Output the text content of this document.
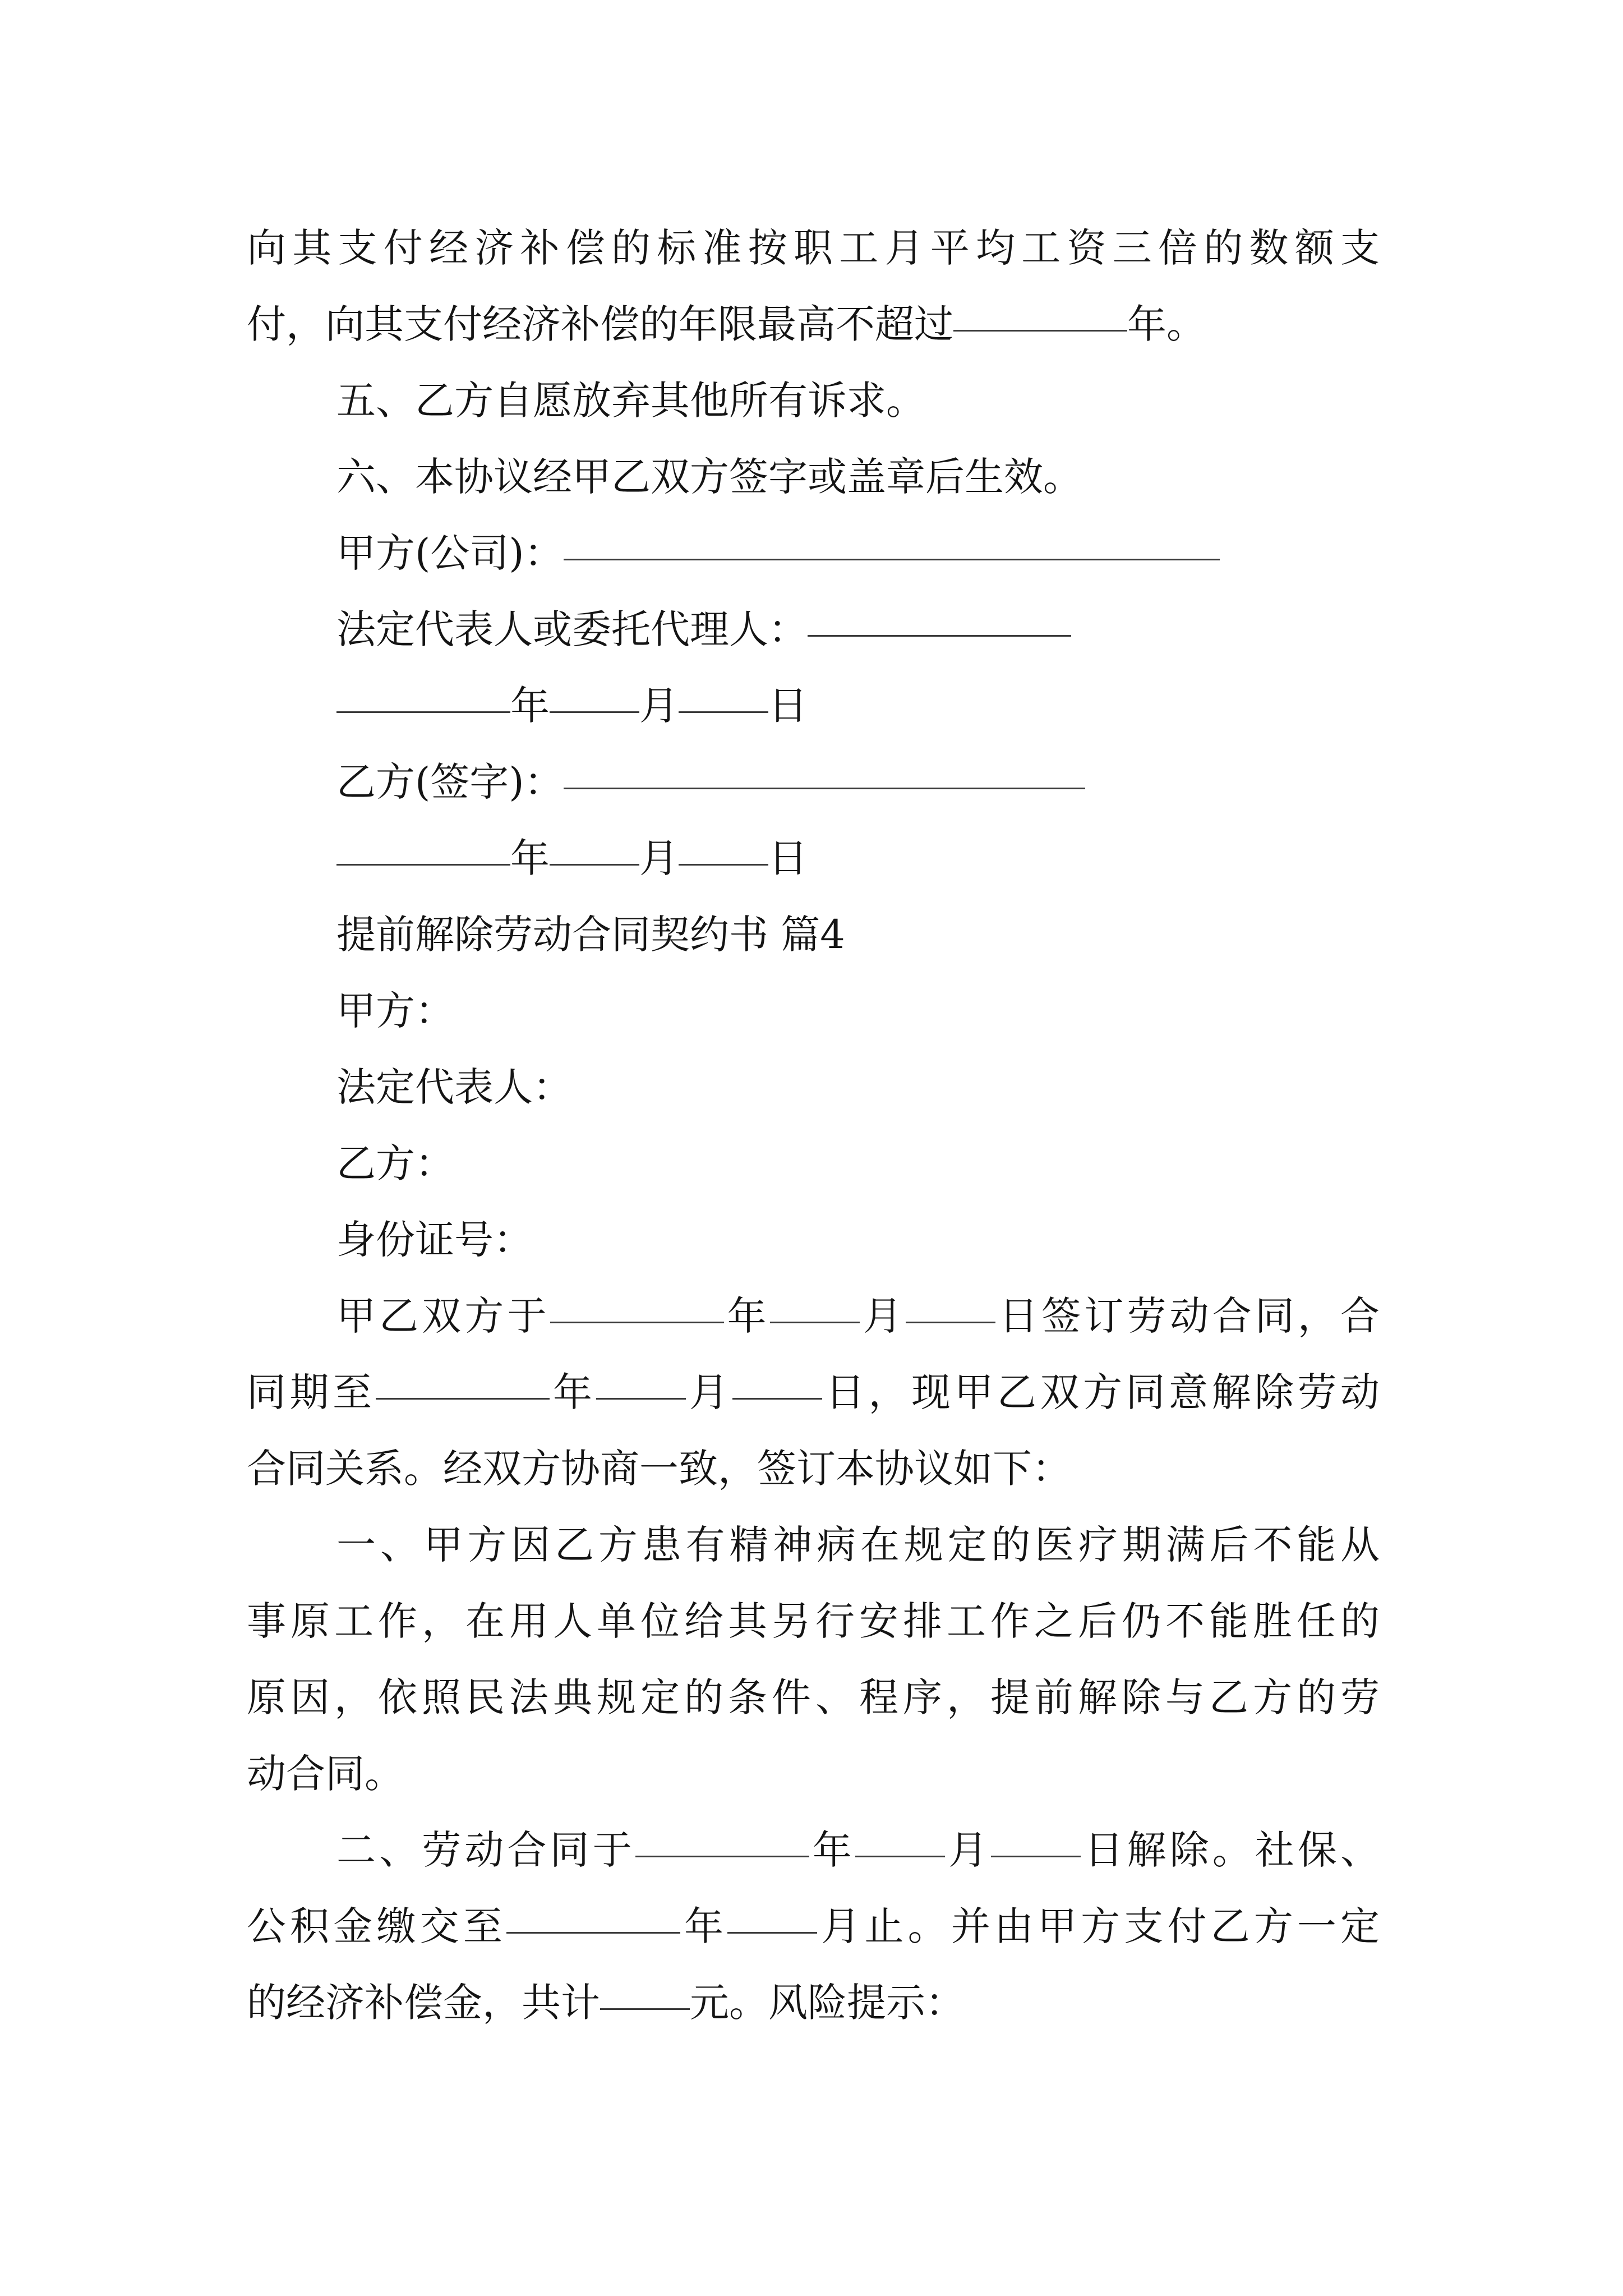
向其支付经济补偿的标准按职工月平均工资三倍的数额支
付，向其支付经济补偿的年限最高不超过	年。
五、乙方自愿放弃其他所有诉求。
六、本协议经甲乙双方签字或盖章后生效。
甲方(公司)：
法定代表人或委托代理人：
年 月 日
乙方(签字)：
年 月 日
提前解除劳动合同契约书 篇4
甲方：
法定代表人：
乙方：
身份证号：
甲乙双方于	年 月 日签订劳动合同，合
同期至	年 月 日，现甲乙双方同意解除劳动
合同关系。经双方协商一致，签订本协议如下：
一、甲方因乙方患有精神病在规定的医疗期满后不能从
事原工作，在用人单位给其另行安排工作之后仍不能胜任的
原因，依照民法典规定的条件、程序，提前解除与乙方的劳
动合同。
二、劳动合同于	年 月 日解除。社保、
公积金缴交至	年 月止。并由甲方支付乙方一定
的经济补偿金，共计 元。风险提示：
